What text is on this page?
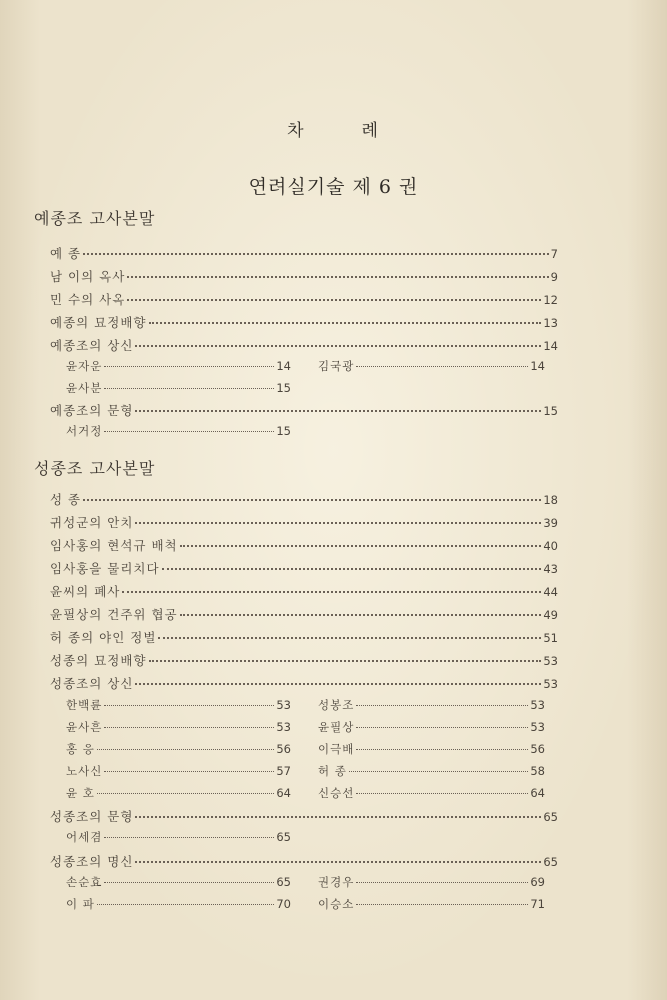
차	례
연려실기술 제 6 권
예종조 고사본말
예 종	7
남 이의 옥사	9
민 수의 사옥	12
예종의 묘정배향	13
예종조의 상신	14
윤자운	14 김국광	14
윤사분	15
예종조의 문형	15
서거정	15
성종조 고사본말
성 종	18
귀성군의 안치	39
임사홍의 현석규 배척	40
임사홍을 물리치다	43
윤씨의 폐사	44
윤필상의 건주위 협공	49
허 종의 야인 정벌	51
성종의 묘정배향	53
성종조의 상신	53
한백륜	53 성봉조	53
윤사흔	53 윤필상	53
홍 응	56 이극배	56
노사신	57 허 종	58
윤 호	64 신승선	64
성종조의 문형	65
어세겸	65
성종조의 명신	65
손순효	65 권경우	69
이 파	70 이승소	71
